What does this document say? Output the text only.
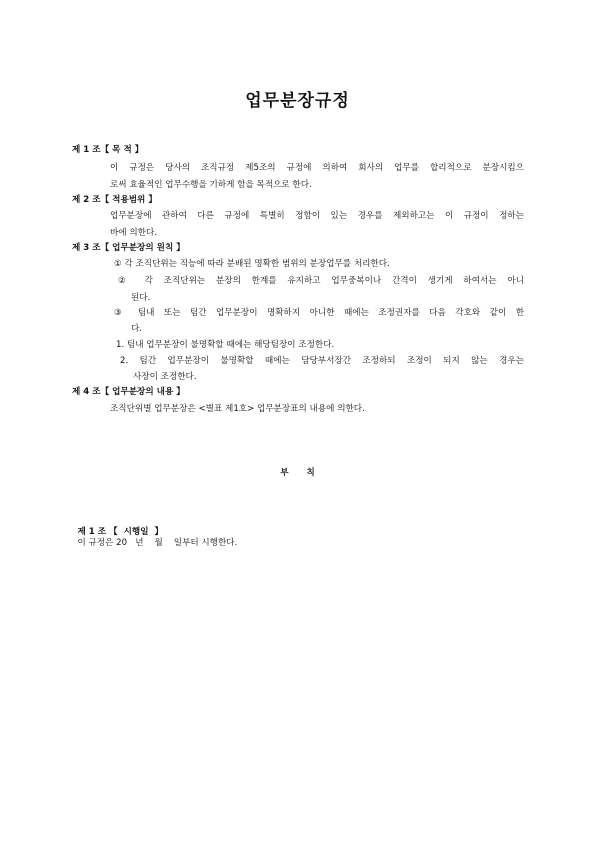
업무분장규정
제 1 조【 목 적 】
이 규정은 당사의 조직규정 제5조의 규정에 의하여 회사의 업무를 합리적으로 분장시킴으
로써 효율적인 업무수행을 기하게 함을 목적으로 한다.
제 2 조【 적용범위 】
업무분장에 관하여 다른 규정에 특별히 정함이 있는 경우를 제외하고는 이 규정이 정하는
바에 의한다.
제 3 조【 업무분장의 원칙 】
① 각 조직단위는 직능에 따라 분배된 명확한 범위의 분장업무를 처리한다.
② 각 조직단위는 분장의 한계를 유지하고 업무중복이나 간격이 생기게 하여서는 아니
된다.
③ 팀내 또는 팀간 업무분장이 명확하지 아니한 때에는 조정권자를 다음 각호와 같이 한
다.
1. 팀내 업무분장이 불명확할 때에는 해당팀장이 조정한다.
2. 팀간 업무분장이 불명확할 때에는 담당부서장간 조정하되 조정이 되지 않는 경우는
사장이 조정한다.
제 4 조【 업무분장의 내용 】
조직단위별 업무분장은 <별표 제1호> 업무분장표의 내용에 의한다.
부      칙

제 1 조 【  시행일  】
이 규정은 20   년    월    일부터 시행한다.
